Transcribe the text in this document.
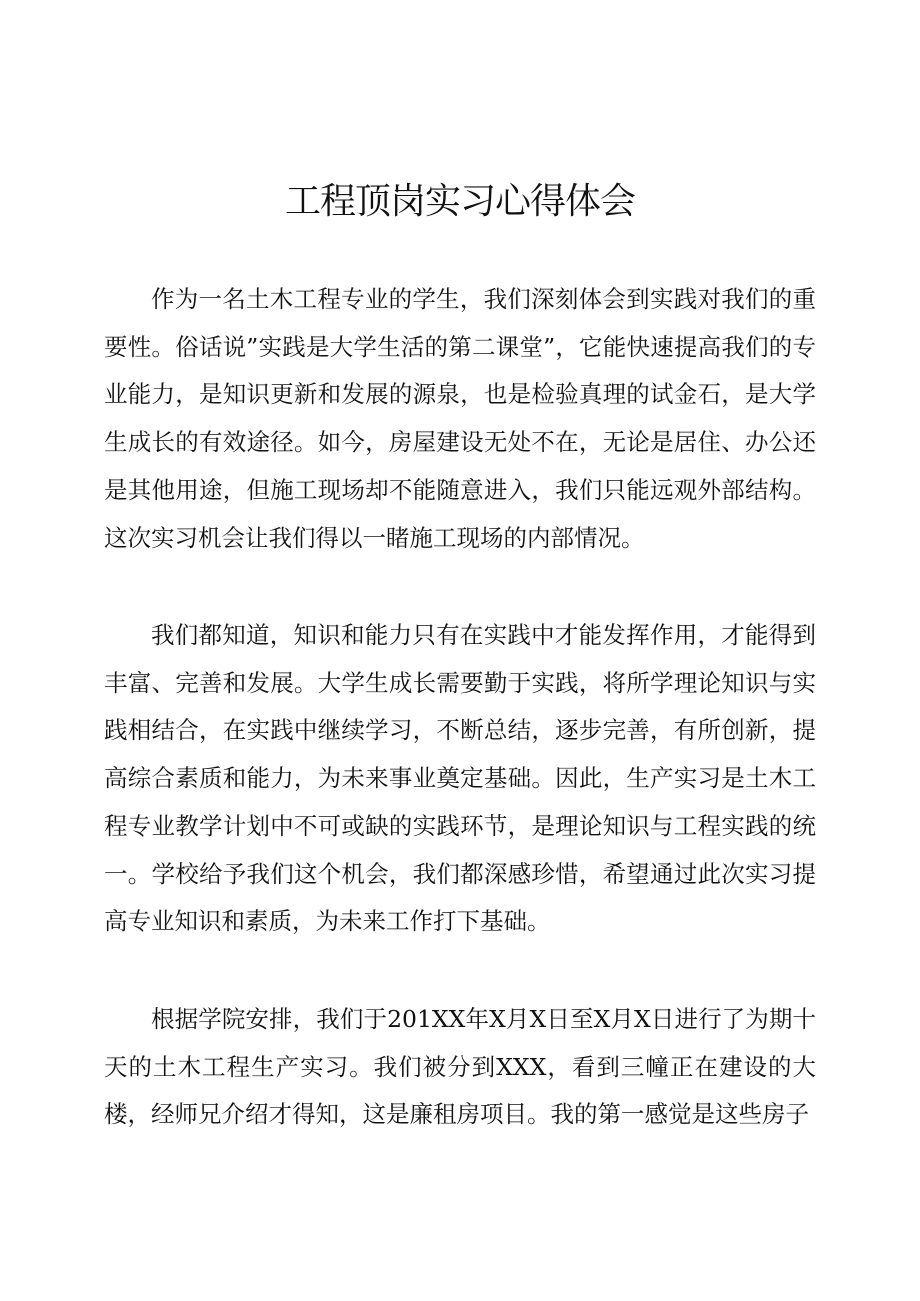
工程顶岗实习心得体会

作为一名土木工程专业的学生，我们深刻体会到实践对我们的重要性。俗话说”实践是大学生活的第二课堂”，它能快速提高我们的专业能力，是知识更新和发展的源泉，也是检验真理的试金石，是大学生成长的有效途径。如今，房屋建设无处不在，无论是居住、办公还是其他用途，但施工现场却不能随意进入，我们只能远观外部结构。这次实习机会让我们得以一睹施工现场的内部情况。

我们都知道，知识和能力只有在实践中才能发挥作用，才能得到丰富、完善和发展。大学生成长需要勤于实践，将所学理论知识与实践相结合，在实践中继续学习，不断总结，逐步完善，有所创新，提高综合素质和能力，为未来事业奠定基础。因此，生产实习是土木工程专业教学计划中不可或缺的实践环节，是理论知识与工程实践的统一。学校给予我们这个机会，我们都深感珍惜，希望通过此次实习提高专业知识和素质，为未来工作打下基础。

根据学院安排，我们于201XX年X月X日至X月X日进行了为期十天的土木工程生产实习。我们被分到XXX，看到三幢正在建设的大楼，经师兄介绍才得知，这是廉租房项目。我的第一感觉是这些房子
